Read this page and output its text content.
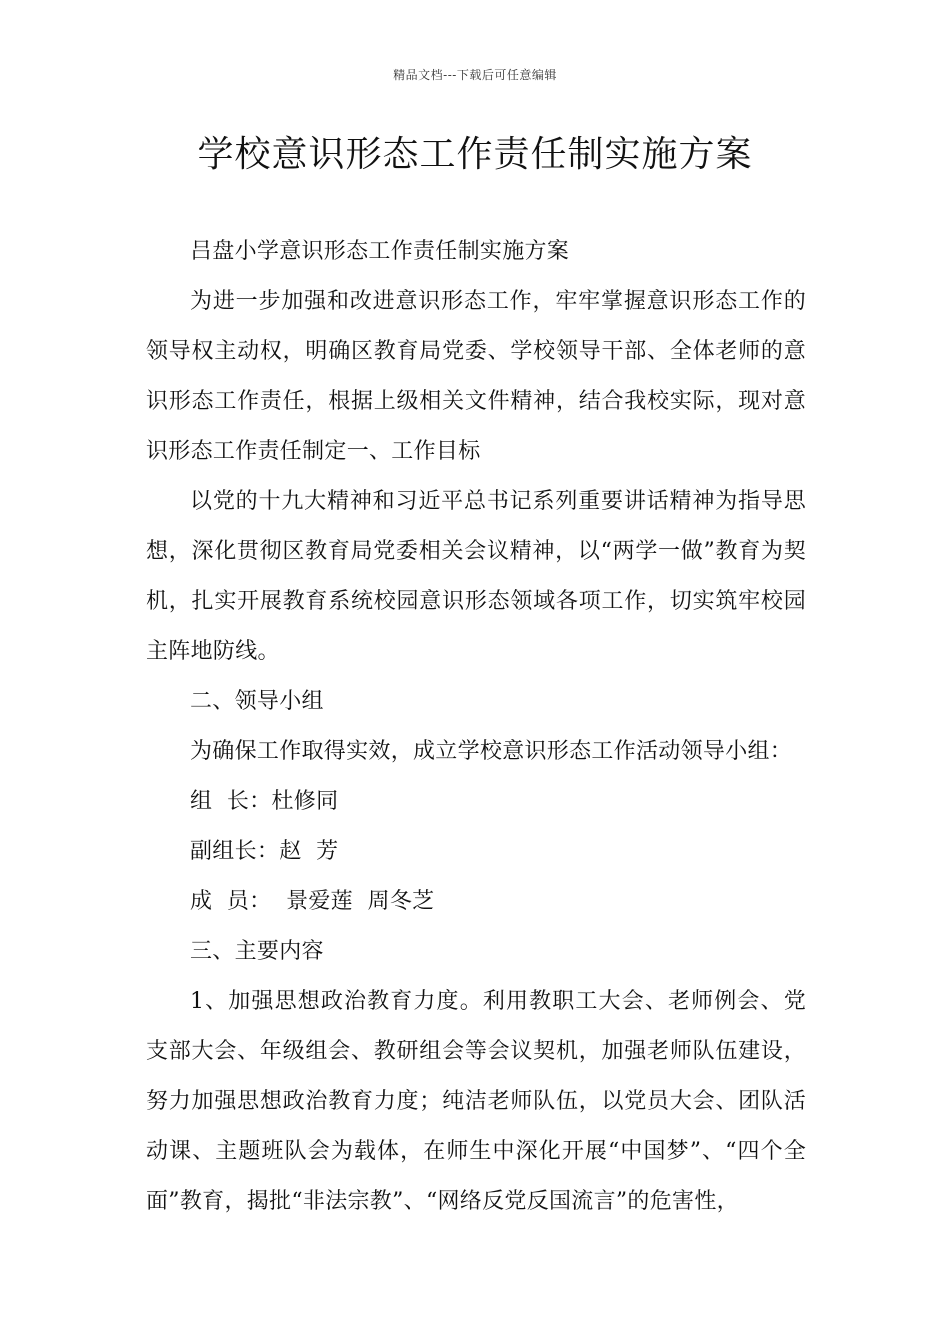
精品文档---下载后可任意编辑
学校意识形态工作责任制实施方案

吕盘小学意识形态工作责任制实施方案

为进一步加强和改进意识形态工作，牢牢掌握意识形态工作的领导权主动权，明确区教育局党委、学校领导干部、全体老师的意识形态工作责任，根据上级相关文件精神，结合我校实际，现对意识形态工作责任制定一、工作目标

以党的十九大精神和习近平总书记系列重要讲话精神为指导思想，深化贯彻区教育局党委相关会议精神，以“两学一做”教育为契机，扎实开展教育系统校园意识形态领域各项工作，切实筑牢校园主阵地防线。

二、领导小组

为确保工作取得实效，成立学校意识形态工作活动领导小组：

组  长：杜修同

副组长：赵  芳

成  员：  景爱莲  周冬芝

三、主要内容

1、加强思想政治教育力度。利用教职工大会、老师例会、党支部大会、年级组会、教研组会等会议契机，加强老师队伍建设，努力加强思想政治教育力度；纯洁老师队伍，以党员大会、团队活动课、主题班队会为载体，在师生中深化开展“中国梦”、“四个全面”教育，揭批“非法宗教”、“网络反党反国流言”的危害性，
